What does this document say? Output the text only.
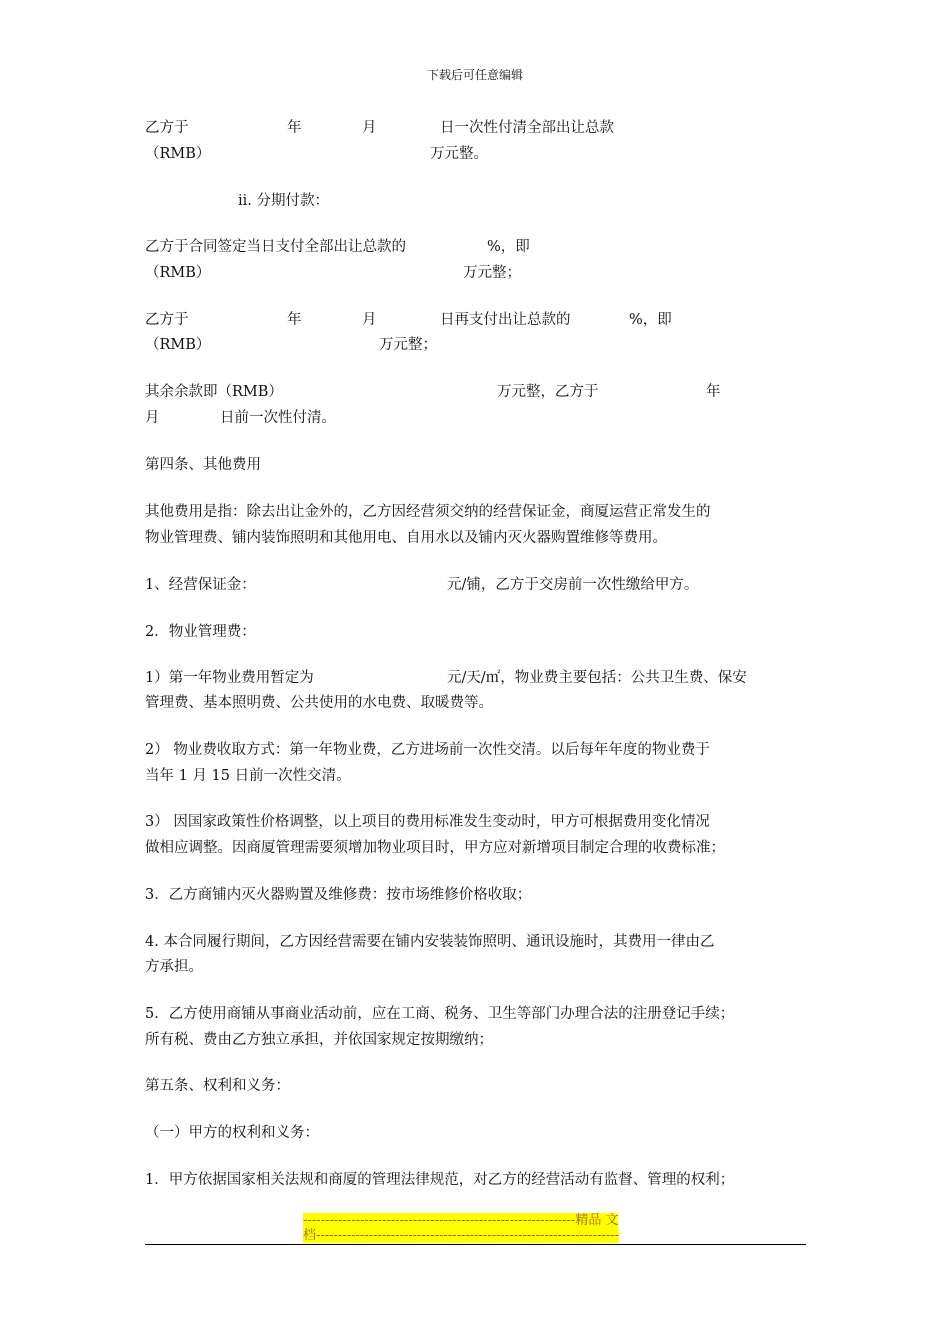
下载后可任意编辑
乙方于	年	月	日一次性付清全部出让总款
（RMB）	万元整。
ii. 分期付款：
乙方于合同签定当日支付全部出让总款的	%，即
（RMB）	万元整；
乙方于	年	月	日再支付出让总款的	%，即
（RMB）	万元整；
其余余款即（RMB）	万元整，乙方于	年
月	日前一次性付清。
第四条、其他费用
其他费用是指：除去出让金外的，乙方因经营须交纳的经营保证金，商厦运营正常发生的
物业管理费、铺内装饰照明和其他用电、自用水以及铺内灭火器购置维修等费用。
1、经营保证金：	元/铺，乙方于交房前一次性缴给甲方。
2．物业管理费：
1）第一年物业费用暂定为	元/天/㎡，物业费主要包括：公共卫生费、保安
管理费、基本照明费、公共使用的水电费、取暖费等。
2） 物业费收取方式：第一年物业费，乙方进场前一次性交清。以后每年年度的物业费于
当年 1 月 15 日前一次性交清。
3） 因国家政策性价格调整，以上项目的费用标准发生变动时，甲方可根据费用变化情况
做相应调整。因商厦管理需要须增加物业项目时，甲方应对新增项目制定合理的收费标准；
3．乙方商铺内灭火器购置及维修费：按市场维修价格收取；
4. 本合同履行期间，乙方因经营需要在铺内安装装饰照明、通讯设施时，其费用一律由乙
方承担。
5．乙方使用商铺从事商业活动前，应在工商、税务、卫生等部门办理合法的注册登记手续；
所有税、费由乙方独立承担，并依国家规定按期缴纳；
第五条、权利和义务：
（一）甲方的权利和义务：
1．甲方依据国家相关法规和商厦的管理法律规范，对乙方的经营活动有监督、管理的权利；
--------------------------------------------------------------精品 文
档---------------------------------------------------------------------
